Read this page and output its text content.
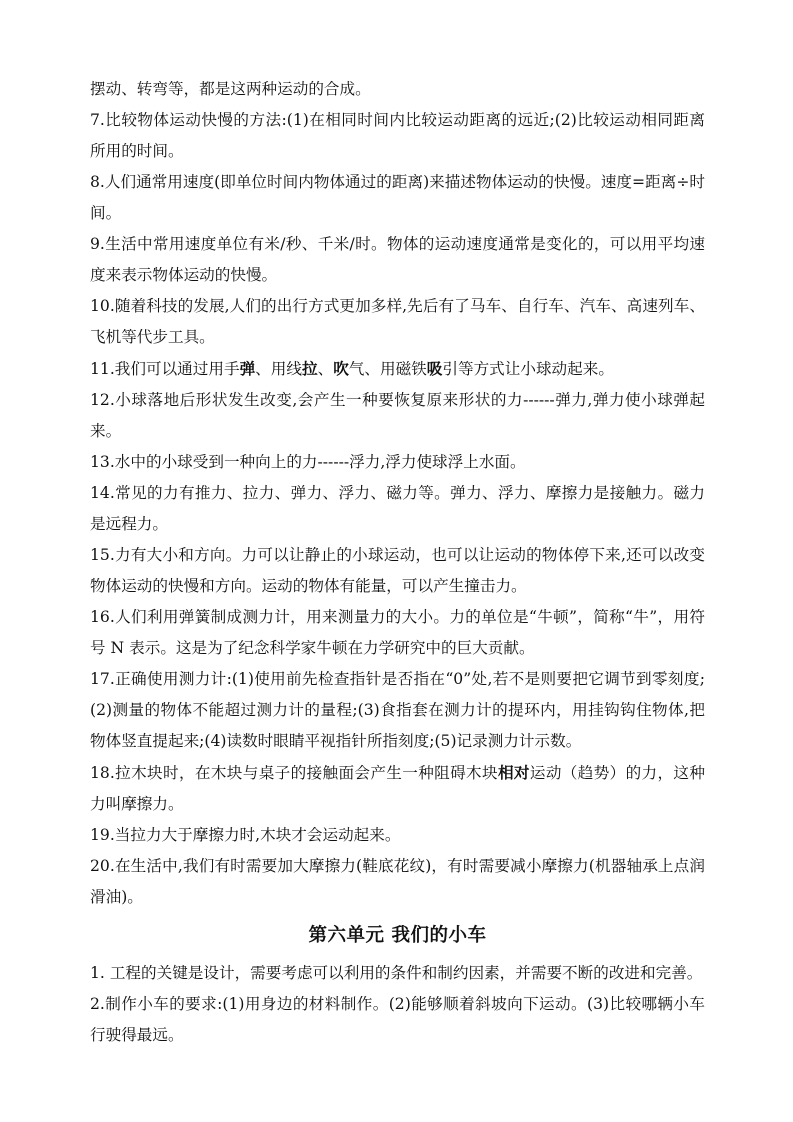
摆动、转弯等，都是这两种运动的合成。

7.比较物体运动快慢的方法:(1)在相同时间内比较运动距离的远近;(2)比较运动相同距离所用的时间。

8.人们通常用速度(即单位时间内物体通过的距离)来描述物体运动的快慢。速度=距离÷时间。

9.生活中常用速度单位有米/秒、千米/时。物体的运动速度通常是变化的，可以用平均速度来表示物体运动的快慢。

10.随着科技的发展,人们的出行方式更加多样,先后有了马车、自行车、汽车、高速列车、飞机等代步工具。

11.我们可以通过用手弹、用线拉、吹气、用磁铁吸引等方式让小球动起来。

12.小球落地后形状发生改变,会产生一种要恢复原来形状的力------弹力,弹力使小球弹起来。

13.水中的小球受到一种向上的力------浮力,浮力使球浮上水面。

14.常见的力有推力、拉力、弹力、浮力、磁力等。弹力、浮力、摩擦力是接触力。磁力是远程力。

15.力有大小和方向。力可以让静止的小球运动，也可以让运动的物体停下来,还可以改变物体运动的快慢和方向。运动的物体有能量，可以产生撞击力。

16.人们利用弹簧制成测力计，用来测量力的大小。力的单位是“牛顿”，简称“牛”，用符号 N 表示。这是为了纪念科学家牛顿在力学研究中的巨大贡献。

17.正确使用测力计:(1)使用前先检查指针是否指在“0”处,若不是则要把它调节到零刻度;(2)测量的物体不能超过测力计的量程;(3)食指套在测力计的提环内，用挂钩钩住物体,把物体竖直提起来;(4)读数时眼睛平视指针所指刻度;(5)记录测力计示数。

18.拉木块时，在木块与桌子的接触面会产生一种阻碍木块相对运动（趋势）的力，这种力叫摩擦力。

19.当拉力大于摩擦力时,木块才会运动起来。

20.在生活中,我们有时需要加大摩擦力(鞋底花纹)，有时需要减小摩擦力(机器轴承上点润滑油)。

第六单元 我们的小车

1. 工程的关键是设计，需要考虑可以利用的条件和制约因素，并需要不断的改进和完善。

2.制作小车的要求:(1)用身边的材料制作。(2)能够顺着斜坡向下运动。(3)比较哪辆小车行驶得最远。
